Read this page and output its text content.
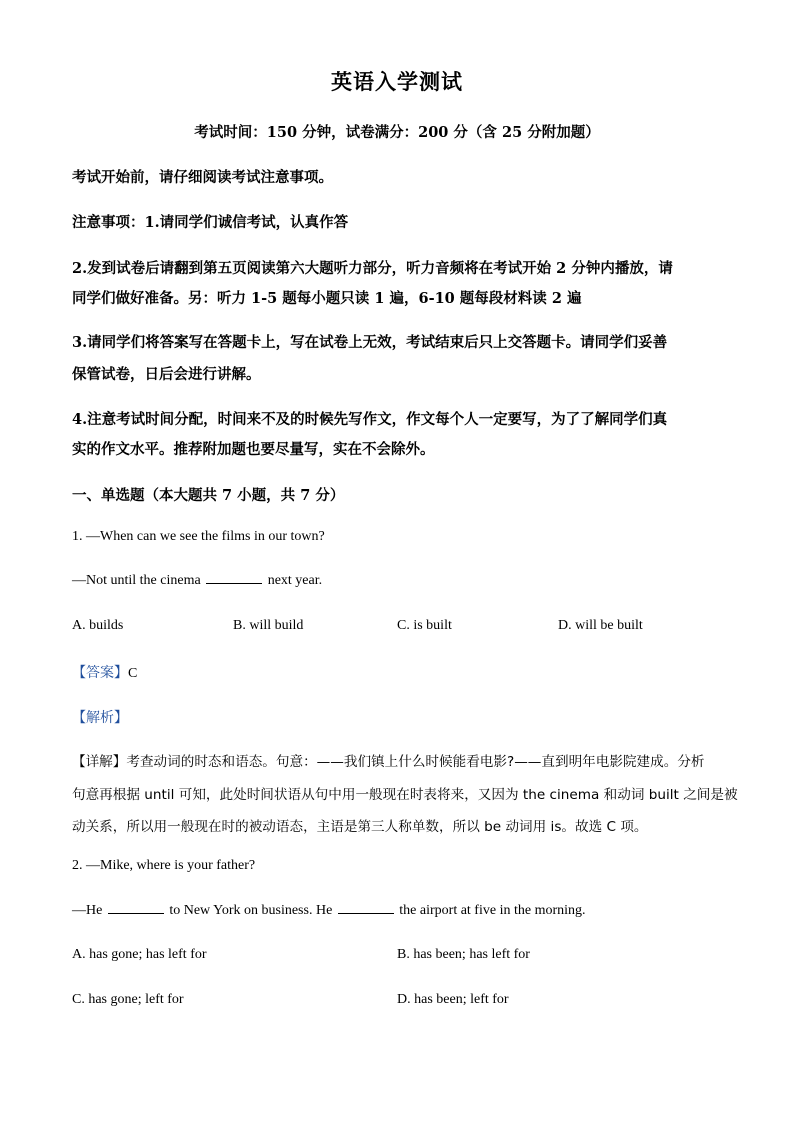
英语入学测试
考试时间：150 分钟，试卷满分：200 分（含 25 分附加题）
考试开始前，请仔细阅读考试注意事项。
注意事项：1.请同学们诚信考试，认真作答
2.发到试卷后请翻到第五页阅读第六大题听力部分，听力音频将在考试开始 2 分钟内播放，请
同学们做好准备。另：听力 1-5 题每小题只读 1 遍，6-10 题每段材料读 2 遍
3.请同学们将答案写在答题卡上，写在试卷上无效，考试结束后只上交答题卡。请同学们妥善
保管试卷，日后会进行讲解。
4.注意考试时间分配，时间来不及的时候先写作文，作文每个人一定要写，为了了解同学们真
实的作文水平。推荐附加题也要尽量写，实在不会除外。
一、单选题（本大题共 7 小题，共 7 分）
1. —When can we see the films in our town?
—Not until the cinema	next year.
A. builds	B. will build	C. is built	D. will be built
【答案】C
【解析】
【详解】考查动词的时态和语态。句意：——我们镇上什么时候能看电影?——直到明年电影院建成。分析
句意再根据 until 可知，此处时间状语从句中用一般现在时表将来，又因为 the cinema 和动词 built 之间是被
动关系，所以用一般现在时的被动语态，主语是第三人称单数，所以 be 动词用 is。故选 C 项。
2. —Mike, where is your father?
—He	to New York on business. He	the airport at five in the morning.
A. has gone; has left for	B. has been; has left for
C. has gone; left for	D. has been; left for
